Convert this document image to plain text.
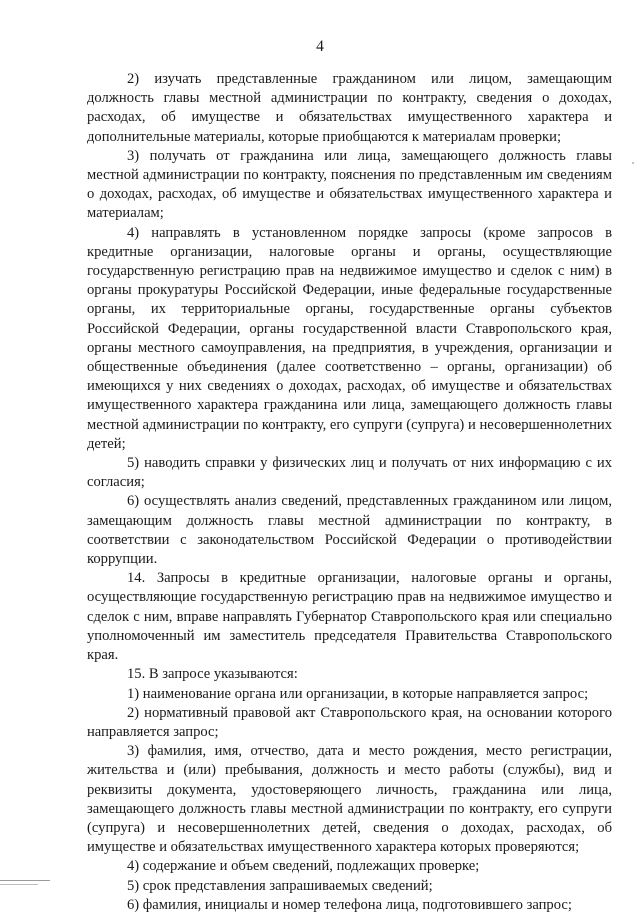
4

2) изучать представленные гражданином или лицом, замещающим должность главы местной администрации по контракту, сведения о доходах, расходах, об имуществе и обязательствах имущественного характера и дополнительные материалы, которые приобщаются к материалам проверки;

3) получать от гражданина или лица, замещающего должность главы местной администрации по контракту, пояснения по представленным им сведениям о доходах, расходах, об имуществе и обязательствах имущественного характера и материалам;

4) направлять в установленном порядке запросы (кроме запросов в кредитные организации, налоговые органы и органы, осуществляющие государственную регистрацию прав на недвижимое имущество и сделок с ним) в органы прокуратуры Российской Федерации, иные федеральные государственные органы, их территориальные органы, государственные органы субъектов Российской Федерации, органы государственной власти Ставропольского края, органы местного самоуправления, на предприятия, в учреждения, организации и общественные объединения (далее соответственно – органы, организации) об имеющихся у них сведениях о доходах, расходах, об имуществе и обязательствах имущественного характера гражданина или лица, замещающего должность главы местной администрации по контракту, его супруги (супруга) и несовершеннолетних детей;

5) наводить справки у физических лиц и получать от них информацию с их согласия;

6) осуществлять анализ сведений, представленных гражданином или лицом, замещающим должность главы местной администрации по контракту, в соответствии с законодательством Российской Федерации о противодействии коррупции.

14. Запросы в кредитные организации, налоговые органы и органы, осуществляющие государственную регистрацию прав на недвижимое имущество и сделок с ним, вправе направлять Губернатор Ставропольского края или специально уполномоченный им заместитель председателя Правительства Ставропольского края.

15. В запросе указываются:

1) наименование органа или организации, в которые направляется запрос;

2) нормативный правовой акт Ставропольского края, на основании которого направляется запрос;

3) фамилия, имя, отчество, дата и место рождения, место регистрации, жительства и (или) пребывания, должность и место работы (службы), вид и реквизиты документа, удостоверяющего личность, гражданина или лица, замещающего должность главы местной администрации по контракту, его супруги (супруга) и несовершеннолетних детей, сведения о доходах, расходах, об имуществе и обязательствах имущественного характера которых проверяются;

4) содержание и объем сведений, подлежащих проверке;

5) срок представления запрашиваемых сведений;

6) фамилия, инициалы и номер телефона лица, подготовившего запрос;
